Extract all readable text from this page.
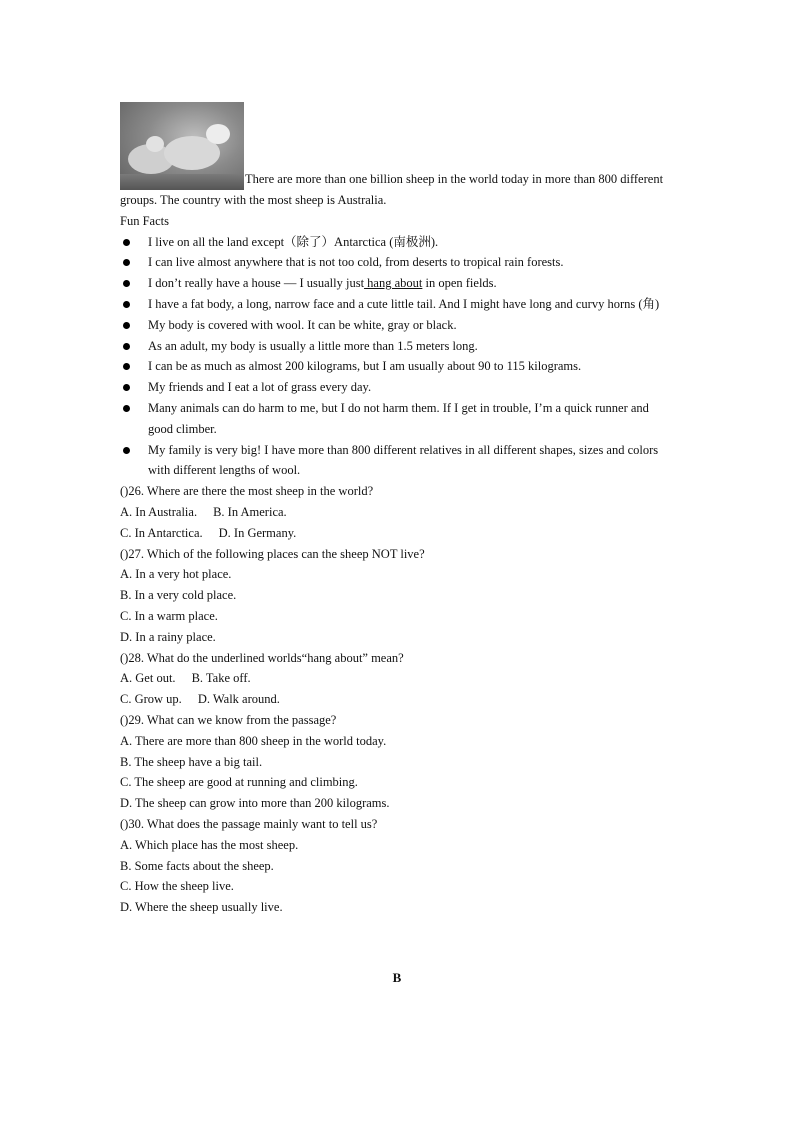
There are more than one billion sheep in the world today in more than 800 different groups. The country with the most sheep is Australia.

Fun Facts

I live on all the land except（除了）Antarctica (南极洲).
I can live almost anywhere that is not too cold, from deserts to tropical rain forests.
I don’t really have a house — I usually just hang about in open fields.
I have a fat body, a long, narrow face and a cute little tail. And I might have long and curvy horns (角)
My body is covered with wool. It can be white, gray or black.
As an adult, my body is usually a little more than 1.5 meters long.
I can be as much as almost 200 kilograms, but I am usually about 90 to 115 kilograms.
My friends and I eat a lot of grass every day.
Many animals can do harm to me, but I do not harm them. If I get in trouble, I’m a quick runner and good climber.
My family is very big! I have more than 800 different relatives in all different shapes, sizes and colors with different lengths of wool.

()26. Where are there the most sheep in the world?

A. In Australia. B. In America.

C. In Antarctica. D. In Germany.

()27. Which of the following places can the sheep NOT live?

A. In a very hot place.

B. In a very cold place.

C. In a warm place.

D. In a rainy place.

()28. What do the underlined worlds“hang about” mean?

A. Get out. B. Take off.

C. Grow up. D. Walk around.

()29. What can we know from the passage?

A. There are more than 800 sheep in the world today.

B. The sheep have a big tail.

C. The sheep are good at running and climbing.

D. The sheep can grow into more than 200 kilograms.

()30. What does the passage mainly want to tell us?

A. Which place has the most sheep.

B. Some facts about the sheep.

C. How the sheep live.

D. Where the sheep usually live.

B
